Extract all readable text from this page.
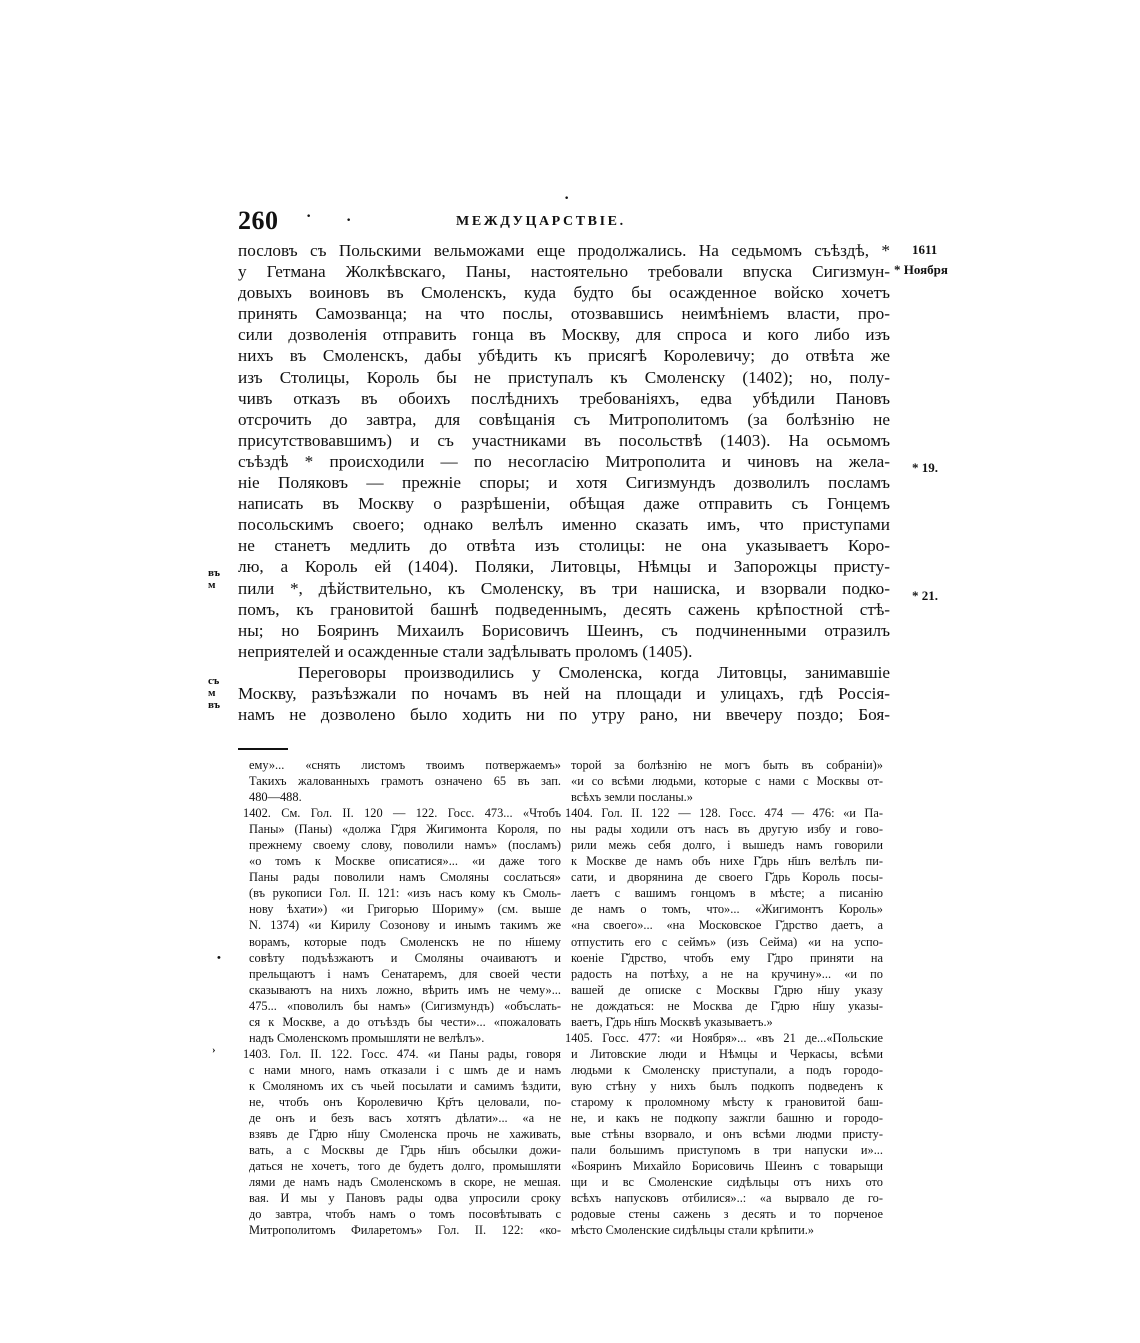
260 · ·
·
МЕЖДУЦАРСТВIЕ.
пословъ съ Польскими вельможами еще продолжались. На седьмомъ съѣздѣ, *
у Гетмана Жолкѣвскаго, Паны, настоятельно требовали впуска Сигизмун-
довыхъ воиновъ въ Смоленскъ, куда будто бы осажденное войско хочетъ
принять Самозванца; на что послы, отозвавшись неимѣнiемъ власти, про-
сили дозволенiя отправить гонца въ Москву, для спроса и кого либо изъ
нихъ въ Смоленскъ, дабы убѣдить къ присягѣ Королевичу; до отвѣта же
изъ Столицы, Король бы не приступалъ къ Смоленску (1402); но, полу-
чивъ отказъ въ обоихъ послѣднихъ требованiяхъ, едва убѣдили Пановъ
отсрочить до завтра, для совѣщанiя съ Митрополитомъ (за болѣзнiю не
присутствовавшимъ) и съ участниками въ посольствѣ (1403). На осьмомъ
съѣздѣ * происходили — по несогласiю Митрополита и чиновъ на жела-
нiе Поляковъ — прежнiе споры; и хотя Сигизмундъ дозволилъ посламъ
написать въ Москву о разрѣшенiи, обѣщая даже отправить съ Гонцемъ
посольскимъ своего; однако велѣлъ именно сказать имъ, что приступами
не станетъ медлить до отвѣта изъ столицы: не она указываетъ Коро-
лю, а Король ей (1404). Поляки, Литовцы, Нѣмцы и Запорожцы присту-
пили *, дѣйствительно, къ Смоленску, въ три нашиска, и взорвали подко-
помъ, къ грановитой башнѣ подведеннымъ, десять сажень крѣпостной стѣ-
ны; но Бояринъ Михаилъ Борисовичъ Шеинъ, съ подчиненными отразилъ
неприятелей и осажденные стали задѣлывать проломъ (1405).
Переговоры производились у Смоленска, когда Литовцы, занимавшiе
Москву, разъѣзжали по ночамъ въ ней на площади и улицахъ, гдѣ Россiя-
намъ не дозволено было ходить ни по утру рано, ни ввечеру поздо; Боя-
1611
* Ноября
* 19.
* 21.
въ
м
съ
м
въ
ему»... «снять листомъ твоимъ потвержаемъ»
Такихъ жалованныхъ грамотъ означено 65 въ зап.
480—488.
1402. См. Гол. II. 120 — 122. Госс. 473... «Чтобъ
Паны» (Паны) «должа Г҃дря Жигимонта Короля, по
прежнему своему слову, поволили намъ» (посламъ)
«о томъ к Москве описатися»... «и даже того
Паны рады поволили намъ Смоляны сослаться»
(въ рукописи Гол. II. 121: «изъ насъ кому къ Смоль-
нову ѣхати») «и Григорью Шориму» (см. выше
N. 1374) «и Кирилу Созонову и инымъ такимъ же
ворамъ, которые подъ Смоленскъ не по н҃шему
совѣту подъѣзжаютъ и Смоляны очаиваютъ и
прельщаютъ i намъ Сенатаремъ, для своей чести
сказываютъ на нихъ ложно, вѣрить имъ не чему»...
475... «поволилъ бы намъ» (Сигизмундъ) «объслать-
ся к Москве, а до отъѣздъ бы чести»... «пожаловать
надъ Смоленскомъ промышляти не велѣлъ».
1403. Гол. II. 122. Госс. 474. «и Паны рады, говоря
с нами много, намъ отказали i с шмъ де и намъ
к Смоляномъ их съ чьей посылати и самимъ ѣздити,
не, чтобъ онъ Королевичю Кр҃тъ целовали, по-
де онъ и безъ васъ хотятъ дѣлати»... «а не
взявъ де Г҃дрю н҃шу Смоленска прочь не хаживать,
вать, а с Москвы де Г҃дрь н҃шъ обсылки дожи-
даться не хочетъ, того де будетъ долго, промышляти
лями де намъ надъ Смоленскомъ в скоре, не мешая.
вая. И мы у Пановъ рады одва упросили сроку
до завтра, чтобъ намъ о томъ посовѣтывать с
Митрополитомъ Филаретомъ» Гол. II. 122: «ко-
торой за болѣзнiю не могъ быть въ собранiи)»
«и со всѣми людьми, которые с нами с Москвы от-
всѣхъ земли посланы.»
1404. Гол. II. 122 — 128. Госс. 474 — 476: «и Па-
ны рады ходили отъ насъ въ другую избу и гово-
рили межь себя долго, i вышедъ намъ говорили
к Москве де намъ объ нихе Г҃дрь н҃шъ велѣлъ пи-
сати, и дворянина де своего Г҃дрь Король посы-
лаетъ с вашимъ гонцомъ в мѣсте; а писанiю
де намъ о томъ, что»... «Жигимонтъ Король»
«на своего»... «на Московское Г҃дрство даетъ, а
отпустить его с сеймъ» (изъ Сейма) «и на успо-
коенiе Г҃дрство, чтобъ ему Г҃дро приняти на
радость на потѣху, а не на кручину»... «и по
вашей де описке с Москвы Г҃дрю н҃шу указу
не дождаться: не Москва де Г҃дрю н҃шу указы-
ваетъ, Г҃дрь н҃шъ Москвѣ указываетъ.»
1405. Госс. 477: «и Ноября»... «въ 21 де...«Польские
и Литовские люди и Нѣмцы и Черкасы, всѣми
людьми к Смоленску приступали, а подъ городо-
вую стѣну у нихъ былъ подкопъ подведенъ к
старому к проломному мѣсту к грановитой баш-
не, и какъ не подкопу зажгли башню и городо-
вые стѣны взорвало, и онъ всѣми людми присту-
пали большимъ приступомъ в три напуски и»...
«Бояринъ Михайло Борисовичь Шеинъ с товарыщи
щи и вс Смоленские сидѣльцы отъ нихъ ото
всѣхъ напусковъ отбилися»..: «а вырвало де го-
родовые стены сажень з десять и то порченое
мѣсто Смоленские сидѣльцы стали крѣпити.»
•
›
